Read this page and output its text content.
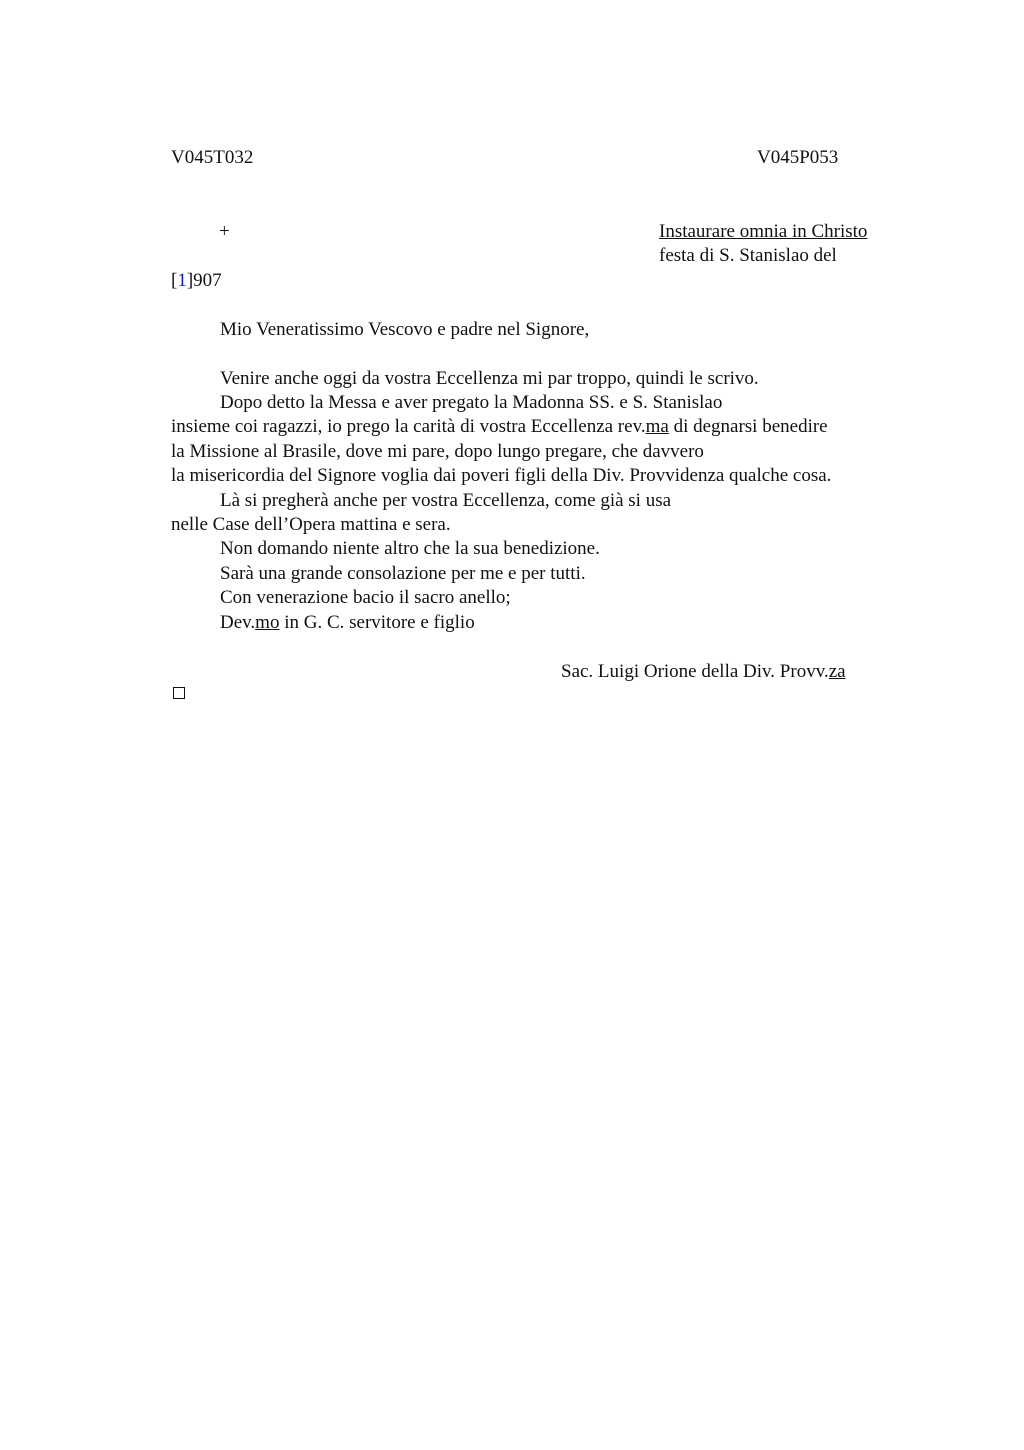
V045T032	V045P053
+	Instaurare omnia in Christo
festa di S. Stanislao del
[1]907
Mio Veneratissimo Vescovo e padre nel Signore,
Venire anche oggi da vostra Eccellenza mi par troppo, quindi le scrivo.
Dopo detto la Messa e aver pregato la Madonna SS. e S. Stanislao
insieme coi ragazzi, io prego la carità di vostra Eccellenza rev.ma di degnarsi benedire
la Missione al Brasile, dove mi pare, dopo lungo pregare, che davvero
la misericordia del Signore voglia dai poveri figli della Div. Provvidenza qualche cosa.
Là si pregherà anche per vostra Eccellenza, come già si usa
nelle Case dell’Opera mattina e sera.
Non domando niente altro che la sua benedizione.
Sarà una grande consolazione per me e per tutti.
Con venerazione bacio il sacro anello;
Dev.mo in G. C. servitore e figlio
Sac. Luigi Orione della Div. Provv.za
